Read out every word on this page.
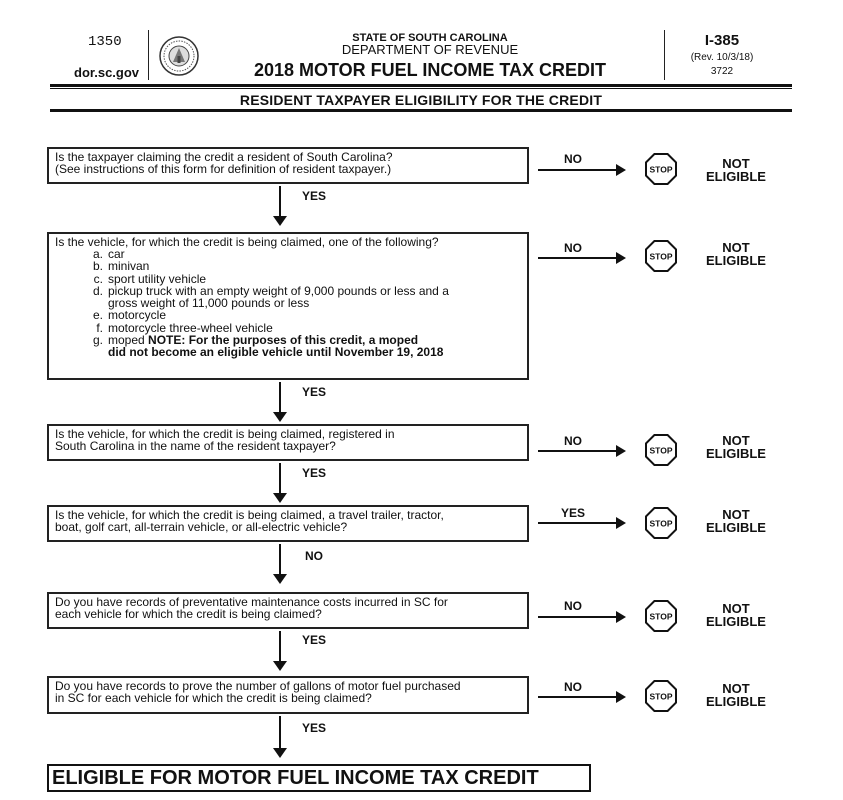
1350
dor.sc.gov
STATE OF SOUTH CAROLINA
DEPARTMENT OF REVENUE
2018 MOTOR FUEL INCOME TAX CREDIT
I-385
(Rev. 10/3/18)
3722
RESIDENT TAXPAYER ELIGIBILITY FOR THE CREDIT

Is the taxpayer claiming the credit a resident of South Carolina?

(See instructions of this form for definition of resident taxpayer.)

NO
STOP	NOT
ELIGIBLE
YES

Is the vehicle, for which the credit is being claimed, one of the following?

a. car
b. minivan
c. sport utility vehicle
d. pickup truck with an empty weight of 9,000 pounds or less and a
gross weight of 11,000 pounds or less
e. motorcycle
f. motorcycle three-wheel vehicle
g. moped NOTE: For the purposes of this credit, a moped
did not become an eligible vehicle until November 19, 2018
NO
STOP
NOT
ELIGIBLE
YES

Is the vehicle, for which the credit is being claimed, registered in

South Carolina in the name of the resident taxpayer?	NO
STOP
NOT
ELIGIBLE
YES

Is the vehicle, for which the credit is being claimed, a travel trailer, tractor,

boat, golf cart, all-terrain vehicle, or all-electric vehicle?

YES
STOP
NOT
ELIGIBLE
NO

Do you have records of preventative maintenance costs incurred in SC for

each vehicle for which the credit is being claimed?

NO
STOP
NOT
ELIGIBLE
YES

Do you have records to prove the number of gallons of motor fuel purchased

in SC for each vehicle for which the credit is being claimed?

NO
STOP
NOT
ELIGIBLE
YES
ELIGIBLE FOR MOTOR FUEL INCOME TAX CREDIT
